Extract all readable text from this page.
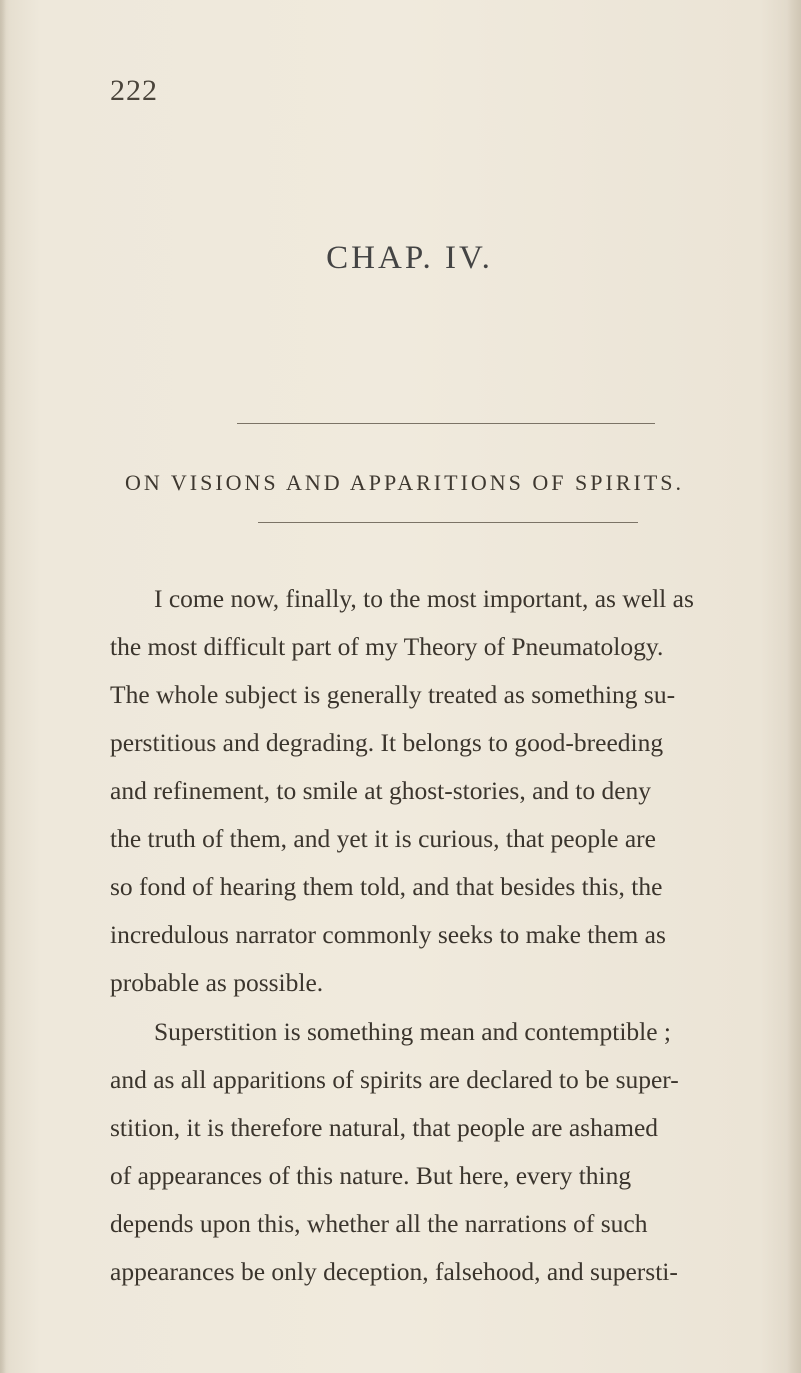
222
CHAP. IV.
ON VISIONS AND APPARITIONS OF SPIRITS.
I come now, finally, to the most important, as well as
the most difficult part of my Theory of Pneumatology.
The whole subject is generally treated as something su-
perstitious and degrading. It belongs to good-breeding
and refinement, to smile at ghost-stories, and to deny
the truth of them, and yet it is curious, that people are
so fond of hearing them told, and that besides this, the
incredulous narrator commonly seeks to make them as
probable as possible.
Superstition is something mean and contemptible ;
and as all apparitions of spirits are declared to be super-
stition, it is therefore natural, that people are ashamed
of appearances of this nature. But here, every thing
depends upon this, whether all the narrations of such
appearances be only deception, falsehood, and supersti-
